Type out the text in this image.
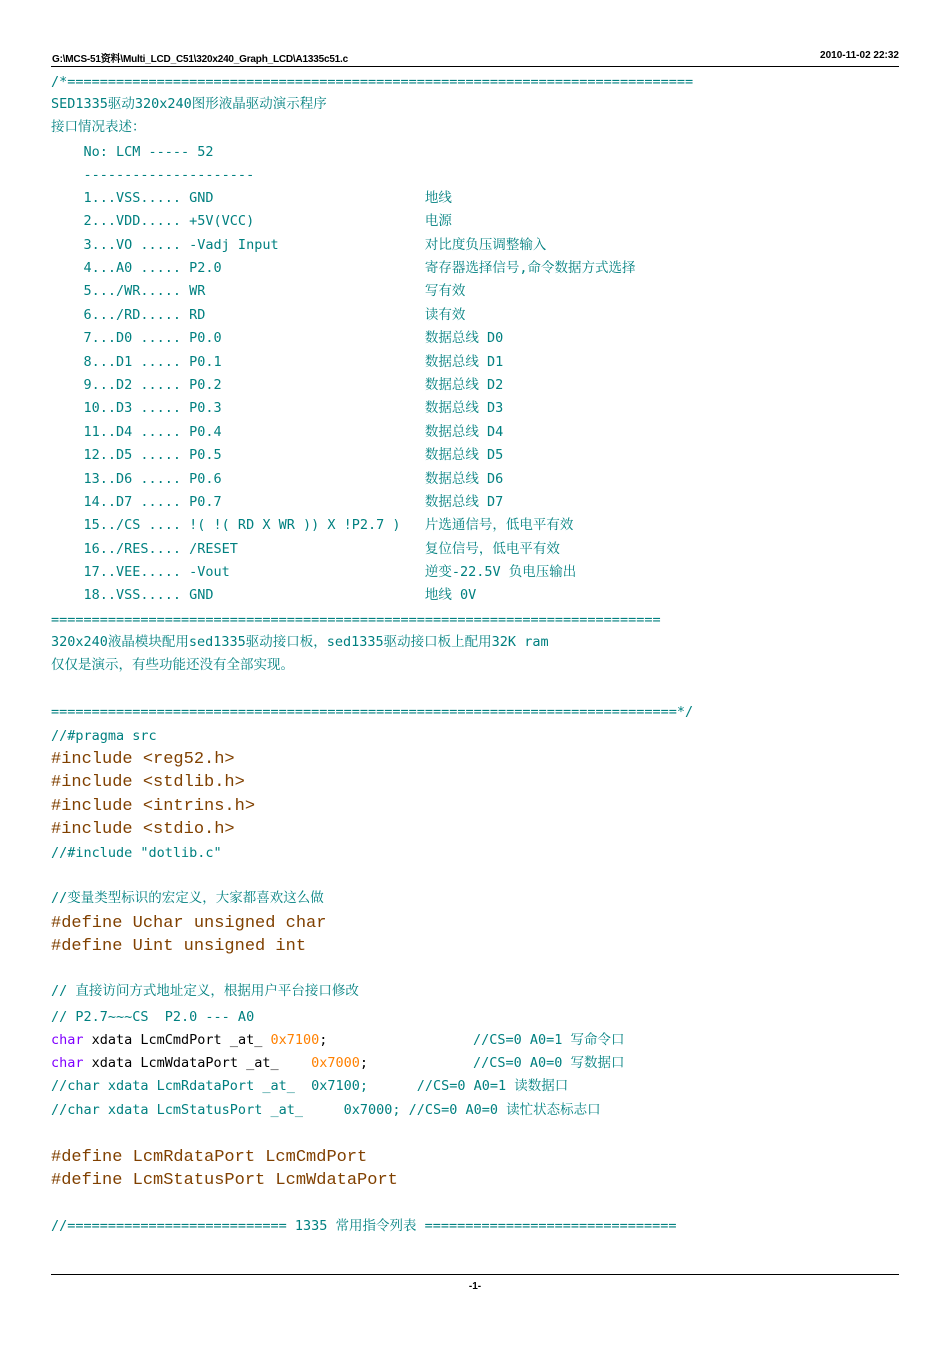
G:\MCS-51资料\Multi_LCD_C51\320x240_Graph_LCD\A1335c51.c	2010-11-02 22:32
/*=============================================================================
SED1335驱动320x240图形液晶驱动演示程序
接口情况表述：
No: LCM ----- 52
---------------------
1...VSS..... GND                          地线
2...VDD..... +5V(VCC)                     电源
3...VO ..... -Vadj Input                  对比度负压调整输入
4...A0 ..... P2.0                         寄存器选择信号,命令数据方式选择
5.../WR..... WR                           写有效
6.../RD..... RD                           读有效
7...D0 ..... P0.0                         数据总线 D0
8...D1 ..... P0.1                         数据总线 D1
9...D2 ..... P0.2                         数据总线 D2
10..D3 ..... P0.3                         数据总线 D3
11..D4 ..... P0.4                         数据总线 D4
12..D5 ..... P0.5                         数据总线 D5
13..D6 ..... P0.6                         数据总线 D6
14..D7 ..... P0.7                         数据总线 D7
15../CS .... !( !( RD X WR )) X !P2.7 )   片选通信号，低电平有效
16../RES.... /RESET                       复位信号，低电平有效
17..VEE..... -Vout                        逆变-22.5V 负电压输出
18..VSS..... GND                          地线 0V
===========================================================================
320x240液晶模块配用sed1335驱动接口板，sed1335驱动接口板上配用32K ram
仅仅是演示，有些功能还没有全部实现。
=============================================================================*/
//#pragma src
#include <reg52.h>
#include <stdlib.h>
#include <intrins.h>
#include <stdio.h>
//#include "dotlib.c"
//变量类型标识的宏定义，大家都喜欢这么做
#define Uchar unsigned char
#define Uint unsigned int
// 直接访问方式地址定义，根据用户平台接口修改
// P2.7~~~CS  P2.0 --- A0
char xdata LcmCmdPort _at_ 0x7100;	//CS=0 A0=1 写命令口
char xdata LcmWdataPort _at_    0x7000;	//CS=0 A0=0 写数据口
//char xdata LcmRdataPort _at_  0x7100;      //CS=0 A0=1 读数据口
//char xdata LcmStatusPort _at_     0x7000; //CS=0 A0=0 读忙状态标志口
#define LcmRdataPort LcmCmdPort
#define LcmStatusPort LcmWdataPort
//=========================== 1335 常用指令列表 ===============================
-1-
